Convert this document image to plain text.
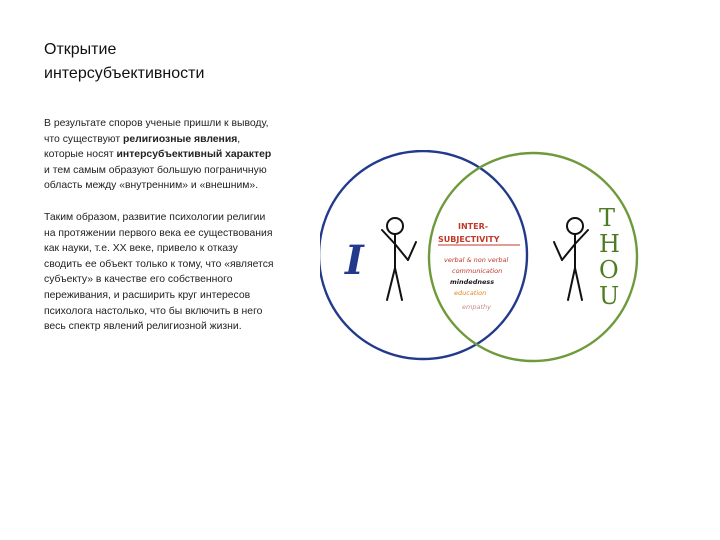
Открытие
интерсубъективности

В результате споров ученые пришли к выводу, что существуют религиозные явления, которые носят интерсубъективный характер и тем самым образуют большую пограничную область между «внутренним» и «внешним».

Таким образом, развитие психологии религии на протяжении первого века ее существования как науки, т.е. XX веке, привело к отказу сводить ее объект только к тому, что «является субъекту» в качестве его собственного переживания, и расширить круг интересов психолога настолько, что бы включить в него весь спектр явлений религиозной жизни.

I
T
H
O
U
INTER-
SUBJECTIVITY
verbal & non verbal
communication
mindedness
education
empathy
